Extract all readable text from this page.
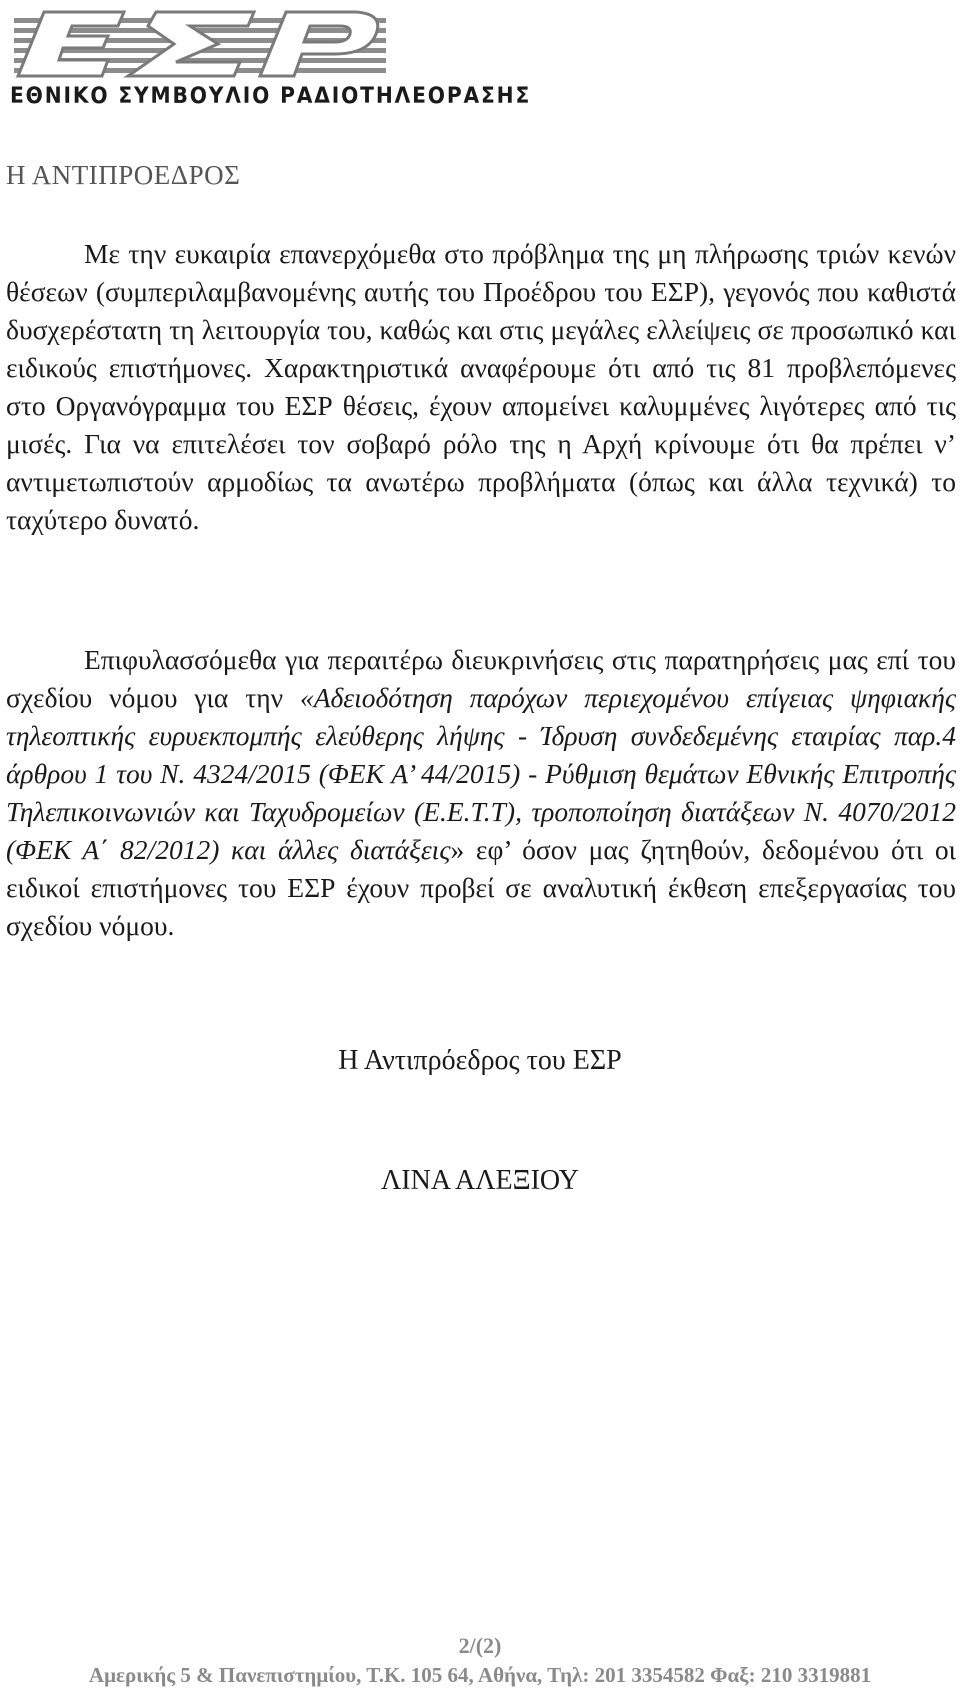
ΕΘΝΙΚΟ ΣΥΜΒΟΥΛΙΟ ΡΑΔΙΟΤΗΛΕΟΡΑΣΗΣ
Η ΑΝΤΙΠΡΟΕΔΡΟΣ

Με την ευκαιρία επανερχόμεθα στο πρόβλημα της μη πλήρωσης τριών κενών θέσεων (συμπεριλαμβανομένης αυτής του Προέδρου του ΕΣΡ), γεγονός που καθιστά δυσχερέστατη τη λειτουργία του, καθώς και στις μεγάλες ελλείψεις σε προσωπικό και ειδικούς επιστήμονες. Χαρακτηριστικά αναφέρουμε ότι από τις 81 προβλεπόμενες στο Οργανόγραμμα του ΕΣΡ θέσεις, έχουν απομείνει καλυμμένες λιγότερες από τις μισές. Για να επιτελέσει τον σοβαρό ρόλο της η Αρχή κρίνουμε ότι θα πρέπει ν’ αντιμετωπιστούν αρμοδίως τα ανωτέρω προβλήματα (όπως και άλλα τεχνικά) το ταχύτερο δυνατό.

Επιφυλασσόμεθα για περαιτέρω διευκρινήσεις στις παρατηρήσεις μας επί του σχεδίου νόμου για την «Αδειοδότηση παρόχων περιεχομένου επίγειας ψηφιακής τηλεοπτικής ευρυεκπομπής ελεύθερης λήψης - Ίδρυση συνδεδεμένης εταιρίας παρ.4 άρθρου 1 του Ν. 4324/2015 (ΦΕΚ Α’ 44/2015) - Ρύθμιση θεμάτων Εθνικής Επιτροπής Τηλεπικοινωνιών και Ταχυδρομείων (Ε.Ε.Τ.Τ), τροποποίηση διατάξεων Ν. 4070/2012 (ΦΕΚ Α΄ 82/2012) και άλλες διατάξεις» εφ’ όσον μας ζητηθούν, δεδομένου ότι οι ειδικοί επιστήμονες του ΕΣΡ έχουν προβεί σε αναλυτική έκθεση επεξεργασίας του σχεδίου νόμου.

Η Αντιπρόεδρος του ΕΣΡ
ΛΙΝΑ ΑΛΕΞΙΟΥ
2/(2)
Αμερικής 5 & Πανεπιστημίου, Τ.Κ. 105 64, Αθήνα, Τηλ: 201 3354582 Φαξ: 210 3319881
